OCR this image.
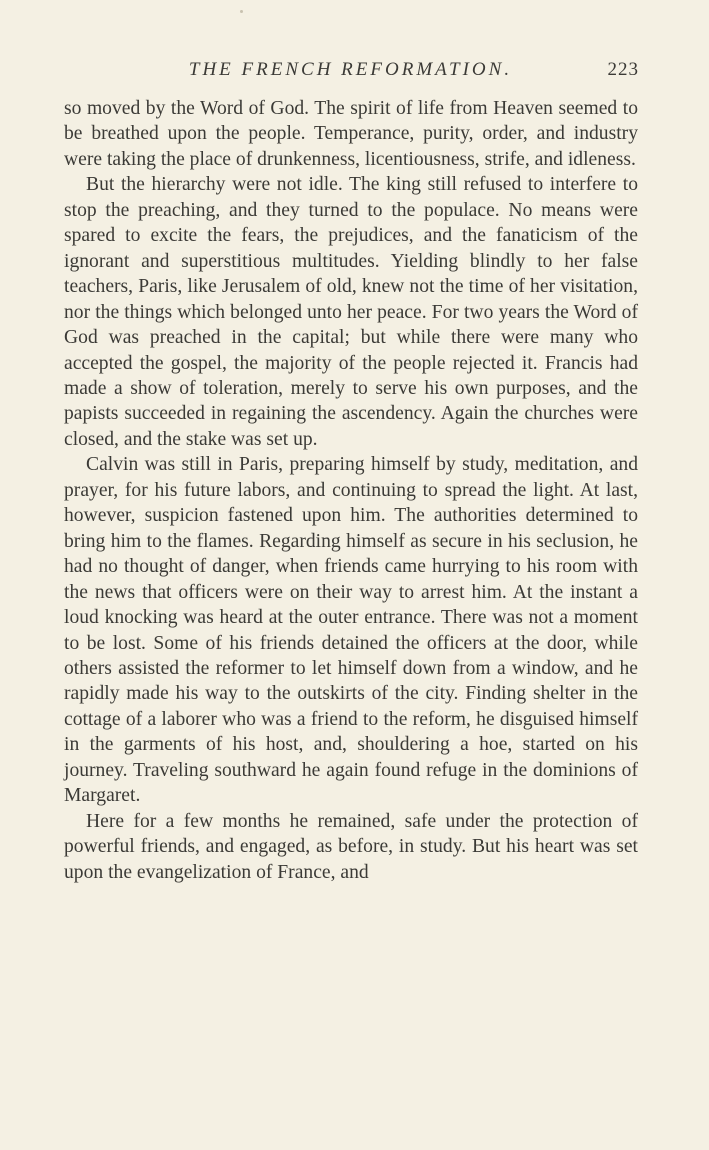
THE FRENCH REFORMATION.	223

so moved by the Word of God. The spirit of life from Heaven seemed to be breathed upon the people. Temperance, purity, order, and industry were taking the place of drunkenness, licentiousness, strife, and idleness.

But the hierarchy were not idle. The king still refused to interfere to stop the preaching, and they turned to the populace. No means were spared to excite the fears, the prejudices, and the fanaticism of the ignorant and superstitious multitudes. Yielding blindly to her false teachers, Paris, like Jerusalem of old, knew not the time of her visitation, nor the things which belonged unto her peace. For two years the Word of God was preached in the capital; but while there were many who accepted the gospel, the majority of the people rejected it. Francis had made a show of toleration, merely to serve his own purposes, and the papists succeeded in regaining the ascendency. Again the churches were closed, and the stake was set up.

Calvin was still in Paris, preparing himself by study, meditation, and prayer, for his future labors, and continuing to spread the light. At last, however, suspicion fastened upon him. The authorities determined to bring him to the flames. Regarding himself as secure in his seclusion, he had no thought of danger, when friends came hurrying to his room with the news that officers were on their way to arrest him. At the instant a loud knocking was heard at the outer entrance. There was not a moment to be lost. Some of his friends detained the officers at the door, while others assisted the reformer to let himself down from a window, and he rapidly made his way to the outskirts of the city. Finding shelter in the cottage of a laborer who was a friend to the reform, he disguised himself in the garments of his host, and, shouldering a hoe, started on his journey. Traveling southward he again found refuge in the dominions of Margaret.

Here for a few months he remained, safe under the protection of powerful friends, and engaged, as before, in study. But his heart was set upon the evangelization of France, and
